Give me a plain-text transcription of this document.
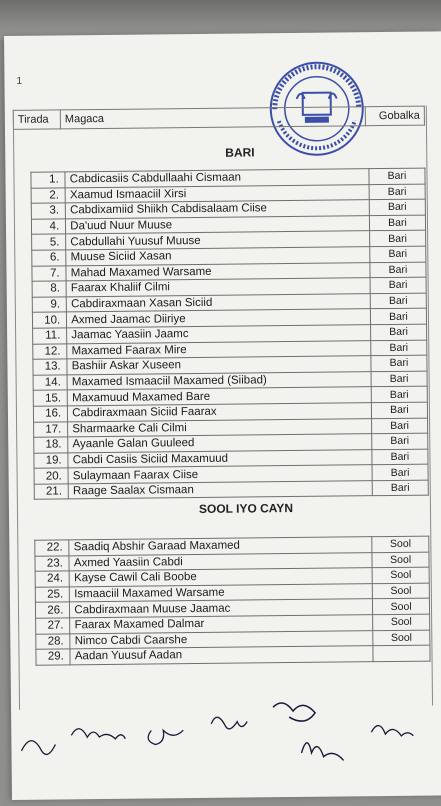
1
Tirada	Magaca	Gobalka
BARI
1.	Cabdicasiis Cabdullaahi Cismaan	Bari
2.	Xaamud Ismaaciil Xirsi	Bari
3.	Cabdixamiid Shiikh Cabdisalaam Ciise	Bari
4.	Da'uud Nuur Muuse	Bari
5.	Cabdullahi Yuusuf Muuse	Bari
6.	Muuse Siciid Xasan	Bari
7.	Mahad Maxamed Warsame	Bari
8.	Faarax Khaliif Cilmi	Bari
9.	Cabdiraxmaan Xasan Siciid	Bari
10.	Axmed Jaamac Diiriye	Bari
11.	Jaamac Yaasiin Jaamc	Bari
12.	Maxamed Faarax Mire	Bari
13.	Bashiir Askar Xuseen	Bari
14.	Maxamed Ismaaciil Maxamed (Siibad)	Bari
15.	Maxamuud Maxamed Bare	Bari
16.	Cabdiraxmaan Siciid Faarax	Bari
17.	Sharmaarke Cali Cilmi	Bari
18.	Ayaanle Galan Guuleed	Bari
19.	Cabdi Casiis Siciid Maxamuud	Bari
20.	Sulaymaan Faarax Ciise	Bari
21.	Raage Saalax Cismaan	Bari
SOOL IYO CAYN
22.	Saadiq Abshir Garaad Maxamed	Sool
23.	Axmed Yaasiin Cabdi	Sool
24.	Kayse Cawil Cali Boobe	Sool
25.	Ismaaciil Maxamed Warsame	Sool
26.	Cabdiraxmaan Muuse Jaamac	Sool
27.	Faarax Maxamed Dalmar	Sool
28.	Nimco Cabdi Caarshe	Sool
29.	Aadan Yuusuf Aadan	
